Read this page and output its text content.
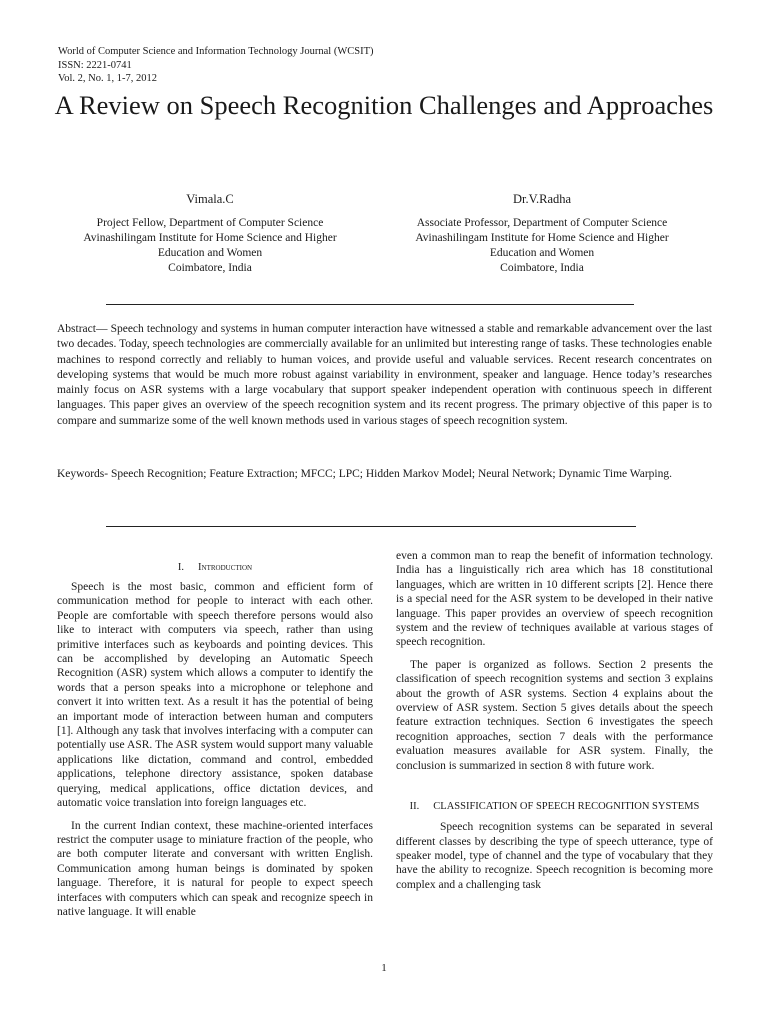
World of Computer Science and Information Technology Journal (WCSIT)
ISSN: 2221-0741
Vol. 2, No. 1, 1-7, 2012
A Review on Speech Recognition Challenges and Approaches
Vimala.C
Project Fellow, Department of Computer Science
Avinashilingam Institute for Home Science and Higher
Education and Women
Coimbatore, India
Dr.V.Radha
Associate Professor, Department of Computer Science
Avinashilingam Institute for Home Science and Higher
Education and Women
Coimbatore, India

Abstract— Speech technology and systems in human computer interaction have witnessed a stable and remarkable advancement over the last two decades. Today, speech technologies are commercially available for an unlimited but interesting range of tasks. These technologies enable machines to respond correctly and reliably to human voices, and provide useful and valuable services. Recent research concentrates on developing systems that would be much more robust against variability in environment, speaker and language. Hence today’s researches mainly focus on ASR systems with a large vocabulary that support speaker independent operation with continuous speech in different languages. This paper gives an overview of the speech recognition system and its recent progress. The primary objective of this paper is to compare and summarize some of the well known methods used in various stages of speech recognition system.

Keywords- Speech Recognition; Feature Extraction; MFCC; LPC; Hidden Markov Model; Neural Network; Dynamic Time Warping.

I. Introduction

Speech is the most basic, common and efficient form of communication method for people to interact with each other. People are comfortable with speech therefore persons would also like to interact with computers via speech, rather than using primitive interfaces such as keyboards and pointing devices. This can be accomplished by developing an Automatic Speech Recognition (ASR) system which allows a computer to identify the words that a person speaks into a microphone or telephone and convert it into written text. As a result it has the potential of being an important mode of interaction between human and computers [1]. Although any task that involves interfacing with a computer can potentially use ASR. The ASR system would support many valuable applications like dictation, command and control, embedded applications, telephone directory assistance, spoken database querying, medical applications, office dictation devices, and automatic voice translation into foreign languages etc.

In the current Indian context, these machine-oriented interfaces restrict the computer usage to miniature fraction of the people, who are both computer literate and conversant with written English. Communication among human beings is dominated by spoken language. Therefore, it is natural for people to expect speech interfaces with computers which can speak and recognize speech in native language. It will enable

even a common man to reap the benefit of information technology. India has a linguistically rich area which has 18 constitutional languages, which are written in 10 different scripts [2]. Hence there is a special need for the ASR system to be developed in their native language. This paper provides an overview of speech recognition system and the review of techniques available at various stages of speech recognition.

The paper is organized as follows. Section 2 presents the classification of speech recognition systems and section 3 explains about the growth of ASR systems. Section 4 explains about the overview of ASR system. Section 5 gives details about the speech feature extraction techniques. Section 6 investigates the speech recognition approaches, section 7 deals with the performance evaluation measures available for ASR system. Finally, the conclusion is summarized in section 8 with future work.

II. CLASSIFICATION OF SPEECH RECOGNITION SYSTEMS

Speech recognition systems can be separated in several different classes by describing the type of speech utterance, type of speaker model, type of channel and the type of vocabulary that they have the ability to recognize. Speech recognition is becoming more complex and a challenging task

1
